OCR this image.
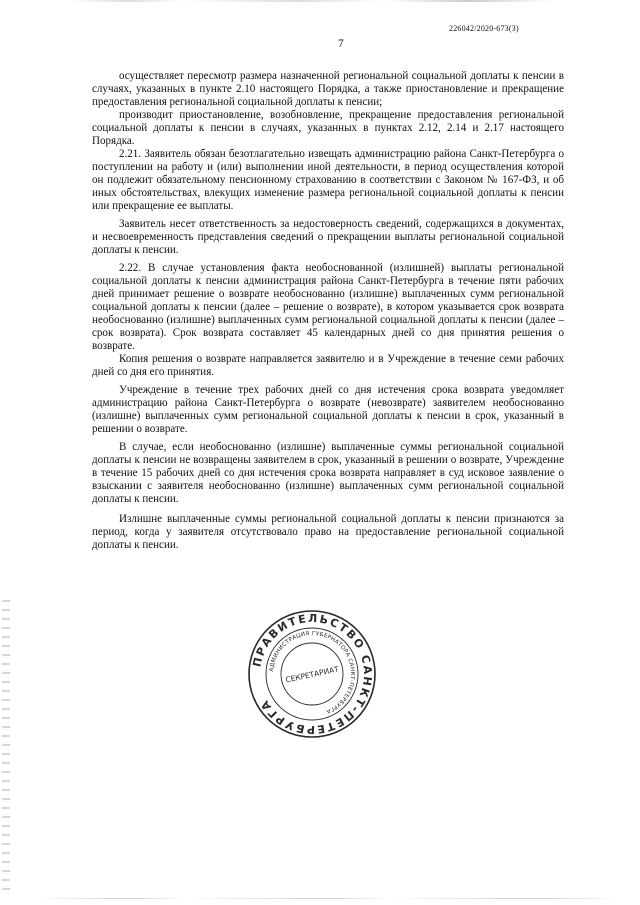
226042/2020-673(3)
7

осуществляет пересмотр размера назначенной региональной социальной доплаты к пенсии в случаях, указанных в пункте 2.10 настоящего Порядка, а также приостановление и прекращение предоставления региональной социальной доплаты к пенсии;

производит приостановление, возобновление, прекращение предоставления региональной социальной доплаты к пенсии в случаях, указанных в пунктах 2.12, 2.14 и 2.17 настоящего Порядка.

2.21. Заявитель обязан безотлагательно извещать администрацию района Санкт-Петербурга о поступлении на работу и (или) выполнении иной деятельности, в период осуществления которой он подлежит обязательному пенсионному страхованию в соответствии с Законом № 167-ФЗ, и об иных обстоятельствах, влекущих изменение размера региональной социальной доплаты к пенсии или прекращение ее выплаты.

Заявитель несет ответственность за недостоверность сведений, содержащихся в документах, и несвоевременность представления сведений о прекращении выплаты региональной социальной доплаты к пенсии.

2.22. В случае установления факта необоснованной (излишней) выплаты региональной социальной доплаты к пенсии администрация района Санкт-Петербурга в течение пяти рабочих дней принимает решение о возврате необоснованно (излишне) выплаченных сумм региональной социальной доплаты к пенсии (далее – решение о возврате), в котором указывается срок возврата необоснованно (излишне) выплаченных сумм региональной социальной доплаты к пенсии (далее – срок возврата). Срок возврата составляет 45 календарных дней со дня принятия решения о возврате.

Копия решения о возврате направляется заявителю и в Учреждение в течение семи рабочих дней со дня его принятия.

Учреждение в течение трех рабочих дней со дня истечения срока возврата уведомляет администрацию района Санкт-Петербурга о возврате (невозврате) заявителем необоснованно (излишне) выплаченных сумм региональной социальной доплаты к пенсии в срок, указанный в решении о возврате.

В случае, если необоснованно (излишне) выплаченные суммы региональной социальной доплаты к пенсии не возвращены заявителем в срок, указанный в решении о возврате, Учреждение в течение 15 рабочих дней со дня истечения срока возврата направляет в суд исковое заявление о взыскании с заявителя необоснованно (излишне) выплаченных сумм региональной социальной доплаты к пенсии.

Излишне выплаченные суммы региональной социальной доплаты к пенсии признаются за период, когда у заявителя отсутствовало право на предоставление региональной социальной доплаты к пенсии.

ПРАВИТЕЛЬСТВО САНКТ-ПЕТЕРБУРГА
АДМИНИСТРАЦИЯ ГУБЕРНАТОРА САНКТ-ПЕТЕРБУРГА
СЕКРЕТАРИАТ
